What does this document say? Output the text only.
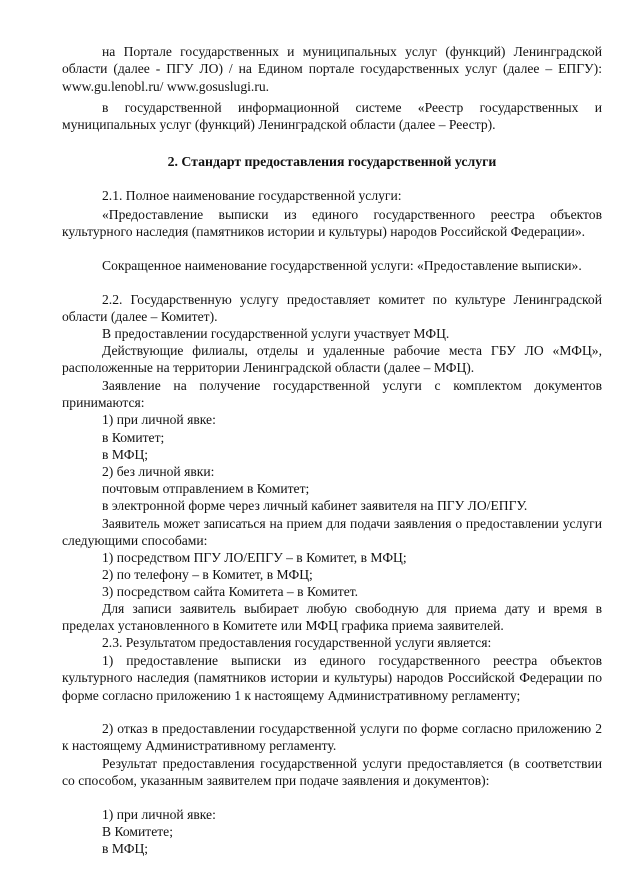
на Портале государственных и муниципальных услуг (функций) Ленинградской области (далее - ПГУ ЛО) / на Едином портале государственных услуг (далее – ЕПГУ): www.gu.lenobl.ru/ www.gosuslugi.ru.

в государственной информационной системе «Реестр государственных и муниципальных услуг (функций) Ленинградской области (далее – Реестр).

2. Стандарт предоставления государственной услуги

2.1. Полное наименование государственной услуги:

«Предоставление выписки из единого государственного реестра объектов культурного наследия (памятников истории и культуры) народов Российской Федерации».

Сокращенное наименование государственной услуги: «Предоставление выписки».

2.2. Государственную услугу предоставляет комитет по культуре Ленинградской области (далее – Комитет).

В предоставлении государственной услуги участвует МФЦ.

Действующие филиалы, отделы и удаленные рабочие места ГБУ ЛО «МФЦ», расположенные на территории Ленинградской области (далее – МФЦ).

Заявление на получение государственной услуги с комплектом документов принимаются:

1) при личной явке:

в Комитет;

в МФЦ;

2) без личной явки:

почтовым отправлением в Комитет;

в электронной форме через личный кабинет заявителя на ПГУ ЛО/ЕПГУ.

Заявитель может записаться на прием для подачи заявления о предоставлении услуги следующими способами:

1) посредством ПГУ ЛО/ЕПГУ – в Комитет, в МФЦ;

2) по телефону – в Комитет, в МФЦ;

3) посредством сайта Комитета – в Комитет.

Для записи заявитель выбирает любую свободную для приема дату и время в пределах установленного в Комитете или МФЦ графика приема заявителей.

2.3. Результатом предоставления государственной услуги является:

1) предоставление выписки из единого государственного реестра объектов культурного наследия (памятников истории и культуры) народов Российской Федерации по форме согласно приложению 1 к настоящему Административному регламенту;

2) отказ в предоставлении государственной услуги по форме согласно приложению 2 к настоящему Административному регламенту.

Результат предоставления государственной услуги предоставляется (в соответствии со способом, указанным заявителем при подаче заявления и документов):

1) при личной явке:

В Комитете;

в МФЦ;
